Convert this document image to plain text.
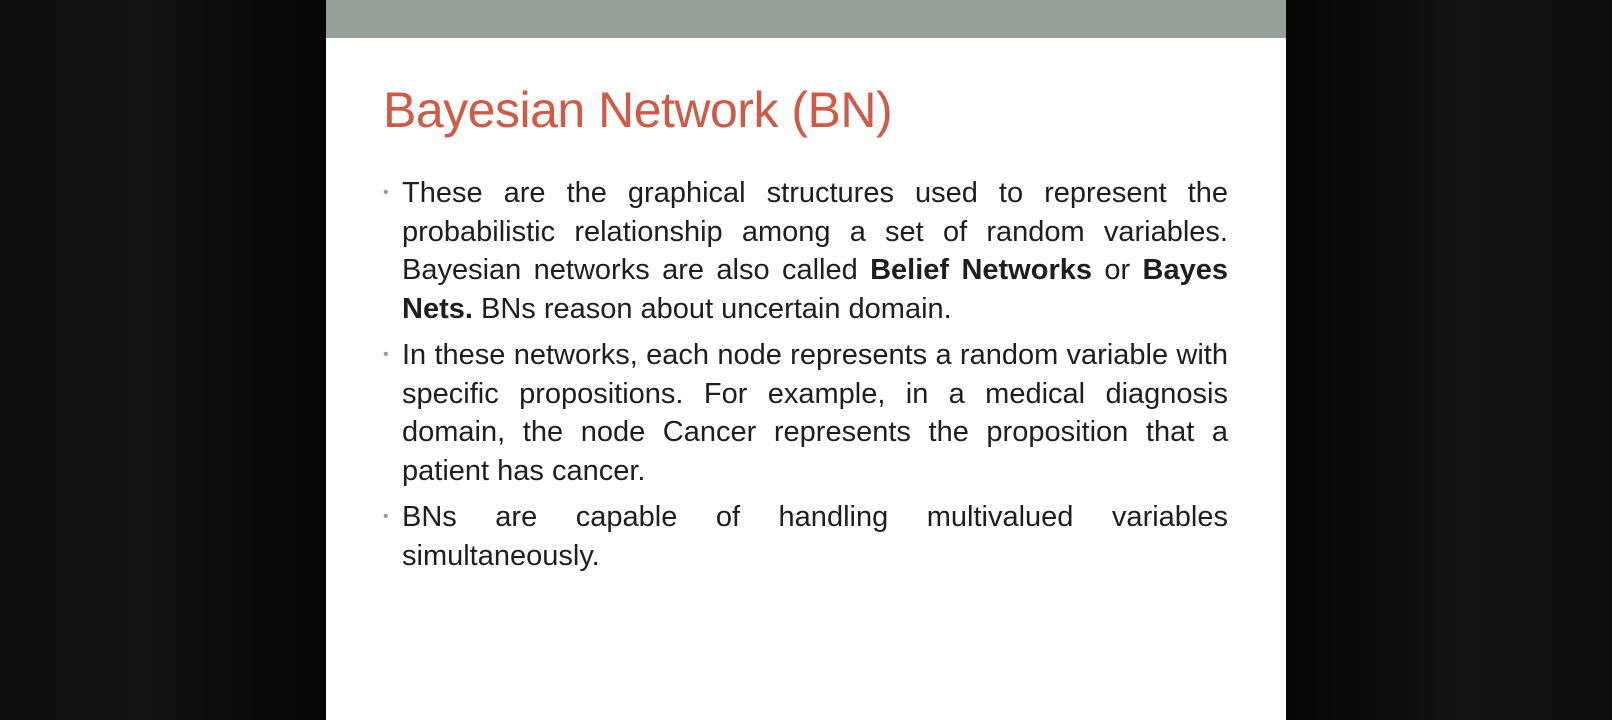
Bayesian Network (BN)
• These are the graphical structures used to represent the probabilistic relationship among a set of random variables. Bayesian networks are also called Belief Networks or Bayes Nets. BNs reason about uncertain domain.
• In these networks, each node represents a random variable with specific propositions. For example, in a medical diagnosis domain, the node Cancer represents the proposition that a patient has cancer.
• BNs are capable of handling multivalued variables simultaneously.
